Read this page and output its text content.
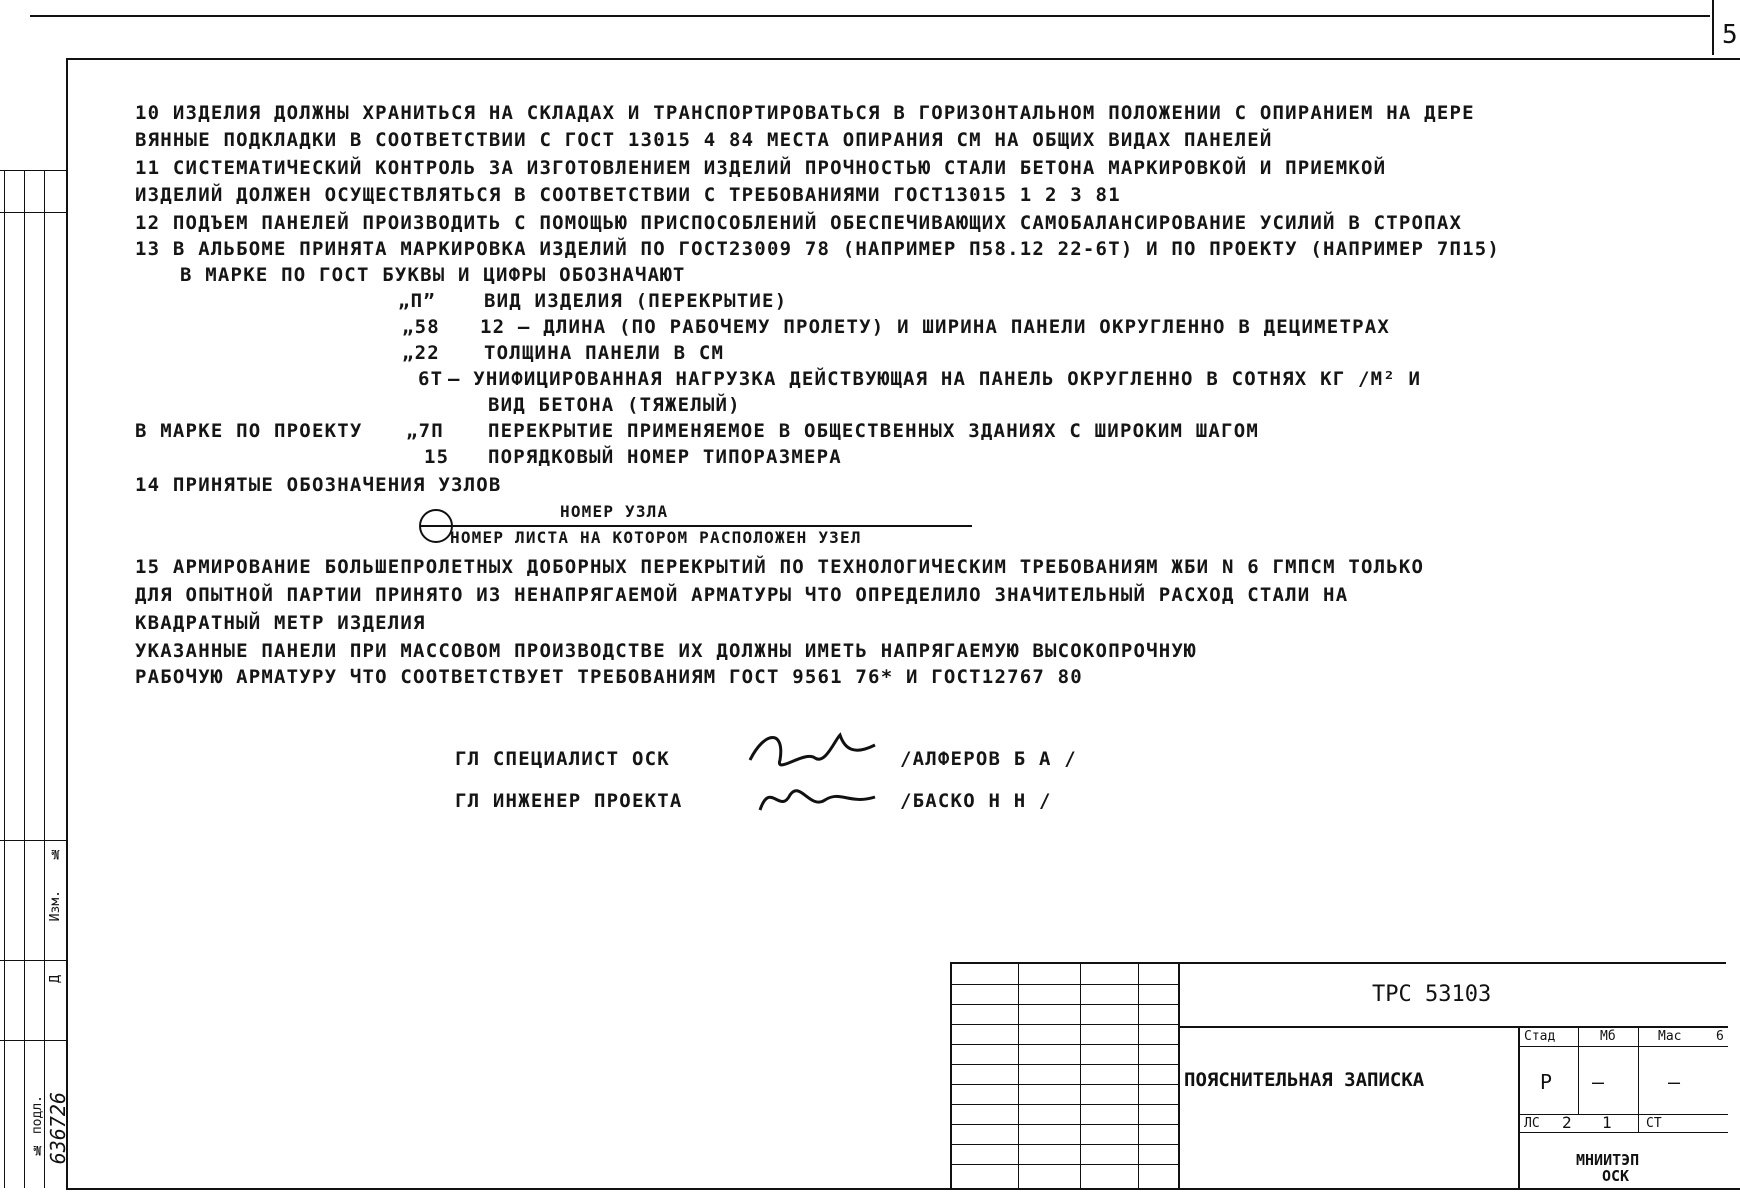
5
№
Изм.
Д
№ подл. 636726
10 ИЗДЕЛИЯ ДОЛЖНЫ ХРАНИТЬСЯ НА СКЛАДАХ И ТРАНСПОРТИРОВАТЬСЯ В ГОРИЗОНТАЛЬНОМ ПОЛОЖЕНИИ С ОПИРАНИЕМ НА ДЕРЕ
ВЯННЫЕ ПОДКЛАДКИ В СООТВЕТСТВИИ С ГОСТ 13015 4 84 МЕСТА ОПИРАНИЯ СМ НА ОБЩИХ ВИДАХ ПАНЕЛЕЙ
11 СИСТЕМАТИЧЕСКИЙ КОНТРОЛЬ ЗА ИЗГОТОВЛЕНИЕМ ИЗДЕЛИЙ ПРОЧНОСТЬЮ СТАЛИ БЕТОНА МАРКИРОВКОЙ И ПРИЕМКОЙ
ИЗДЕЛИЙ ДОЛЖЕН ОСУЩЕСТВЛЯТЬСЯ В СООТВЕТСТВИИ С ТРЕБОВАНИЯМИ ГОСТ13015 1 2 3 81
12 ПОДЪЕМ ПАНЕЛЕЙ ПРОИЗВОДИТЬ С ПОМОЩЬЮ ПРИСПОСОБЛЕНИЙ ОБЕСПЕЧИВАЮЩИХ САМОБАЛАНСИРОВАНИЕ УСИЛИЙ В СТРОПАХ
13 В АЛЬБОМЕ ПРИНЯТА МАРКИРОВКА ИЗДЕЛИЙ ПО ГОСТ23009 78 (НАПРИМЕР П58.12 22-6Т) И ПО ПРОЕКТУ (НАПРИМЕР 7П15)
В МАРКЕ ПО ГОСТ БУКВЫ И ЦИФРЫ ОБОЗНАЧАЮТ
„П”	ВИД ИЗДЕЛИЯ (ПЕРЕКРЫТИЕ)
„58 12 – ДЛИНА (ПО РАБОЧЕМУ ПРОЛЕТУ) И ШИРИНА ПАНЕЛИ ОКРУГЛЕННО В ДЕЦИМЕТРАХ
„22 ТОЛЩИНА ПАНЕЛИ В СМ
6Т – УНИФИЦИРОВАННАЯ НАГРУЗКА ДЕЙСТВУЮЩАЯ НА ПАНЕЛЬ ОКРУГЛЕННО В СОТНЯХ КГ /М² И
ВИД БЕТОНА (ТЯЖЕЛЫЙ)
В МАРКЕ ПО ПРОЕКТУ „7П ПЕРЕКРЫТИЕ ПРИМЕНЯЕМОЕ В ОБЩЕСТВЕННЫХ ЗДАНИЯХ С ШИРОКИМ ШАГОМ
15 ПОРЯДКОВЫЙ НОМЕР ТИПОРАЗМЕРА
14 ПРИНЯТЫЕ ОБОЗНАЧЕНИЯ УЗЛОВ
НОМЕР УЗЛА
НОМЕР ЛИСТА НА КОТОРОМ РАСПОЛОЖЕН УЗЕЛ
15 АРМИРОВАНИЕ БОЛЬШЕПРОЛЕТНЫХ ДОБОРНЫХ ПЕРЕКРЫТИЙ ПО ТЕХНОЛОГИЧЕСКИМ ТРЕБОВАНИЯМ ЖБИ N 6 ГМПСМ ТОЛЬКО
ДЛЯ ОПЫТНОЙ ПАРТИИ ПРИНЯТО ИЗ НЕНАПРЯГАЕМОЙ АРМАТУРЫ ЧТО ОПРЕДЕЛИЛО ЗНАЧИТЕЛЬНЫЙ РАСХОД СТАЛИ НА
КВАДРАТНЫЙ МЕТР ИЗДЕЛИЯ
УКАЗАННЫЕ ПАНЕЛИ ПРИ МАССОВОМ ПРОИЗВОДСТВЕ ИХ ДОЛЖНЫ ИМЕТЬ НАПРЯГАЕМУЮ ВЫСОКОПРОЧНУЮ
РАБОЧУЮ АРМАТУРУ ЧТО СООТВЕТСТВУЕТ ТРЕБОВАНИЯМ ГОСТ 9561 76* И ГОСТ12767 80
ГЛ СПЕЦИАЛИСТ ОСК	/АЛФЕРОВ Б А /
ГЛ ИНЖЕНЕР ПРОЕКТА	/БАСКО Н Н /
ТРС 53103
ПОЯСНИТЕЛЬНАЯ ЗАПИСКА
Стад	Мб	Мас	6
Р —	—
ЛС 2 1	СТ
МНИИТЭП
ОСК
